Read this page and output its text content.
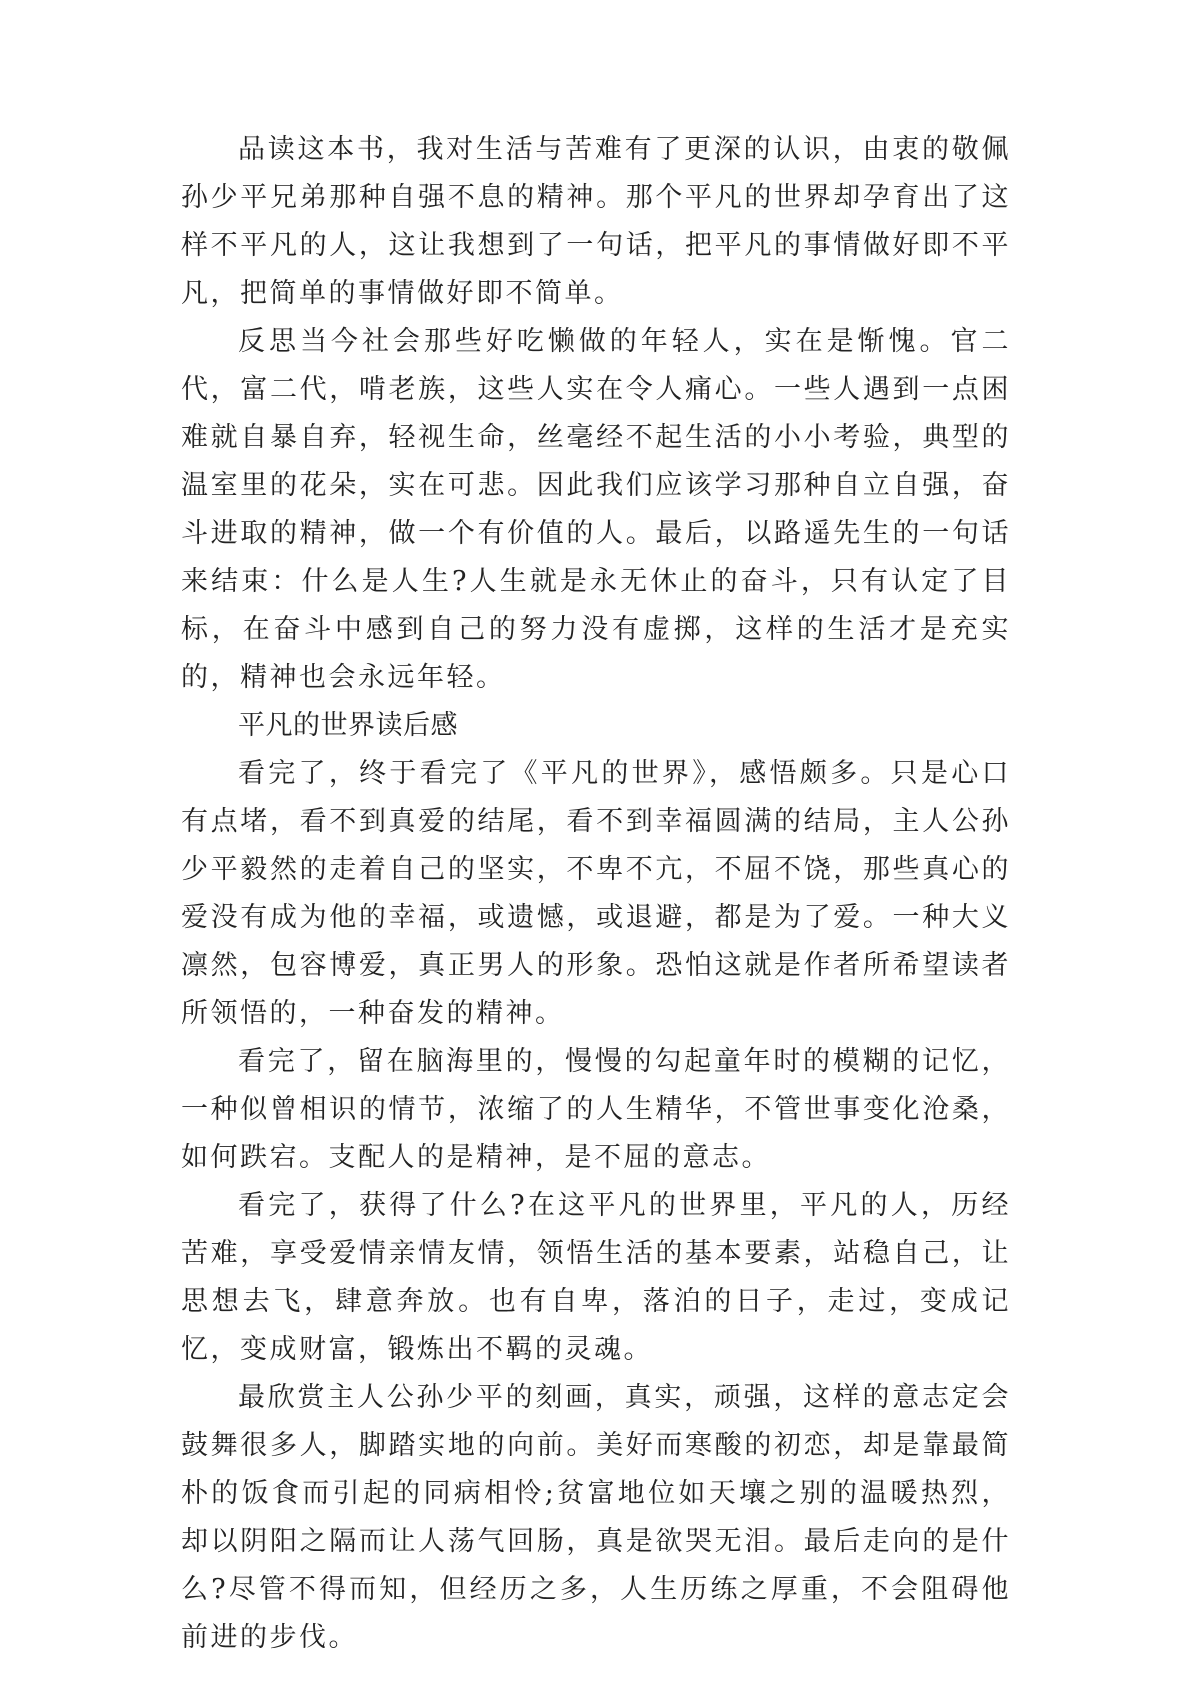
品读这本书，我对生活与苦难有了更深的认识，由衷的敬佩孙少平兄弟那种自强不息的精神。那个平凡的世界却孕育出了这样不平凡的人，这让我想到了一句话，把平凡的事情做好即不平凡，把简单的事情做好即不简单。

反思当今社会那些好吃懒做的年轻人，实在是惭愧。官二代，富二代，啃老族，这些人实在令人痛心。一些人遇到一点困难就自暴自弃，轻视生命，丝毫经不起生活的小小考验，典型的温室里的花朵，实在可悲。因此我们应该学习那种自立自强，奋斗进取的精神，做一个有价值的人。最后，以路遥先生的一句话来结束：什么是人生?人生就是永无休止的奋斗，只有认定了目标，在奋斗中感到自己的努力没有虚掷，这样的生活才是充实的，精神也会永远年轻。

平凡的世界读后感

看完了，终于看完了《平凡的世界》，感悟颇多。只是心口有点堵，看不到真爱的结尾，看不到幸福圆满的结局，主人公孙少平毅然的走着自己的坚实，不卑不亢，不屈不饶，那些真心的爱没有成为他的幸福，或遗憾，或退避，都是为了爱。一种大义凛然，包容博爱，真正男人的形象。恐怕这就是作者所希望读者所领悟的，一种奋发的精神。

看完了，留在脑海里的，慢慢的勾起童年时的模糊的记忆，一种似曾相识的情节，浓缩了的人生精华，不管世事变化沧桑，如何跌宕。支配人的是精神，是不屈的意志。

看完了，获得了什么?在这平凡的世界里，平凡的人，历经苦难，享受爱情亲情友情，领悟生活的基本要素，站稳自己，让思想去飞，肆意奔放。也有自卑，落泊的日子，走过，变成记忆，变成财富，锻炼出不羁的灵魂。

最欣赏主人公孙少平的刻画，真实，顽强，这样的意志定会鼓舞很多人，脚踏实地的向前。美好而寒酸的初恋，却是靠最简朴的饭食而引起的同病相怜;贫富地位如天壤之别的温暖热烈，却以阴阳之隔而让人荡气回肠，真是欲哭无泪。最后走向的是什么?尽管不得而知，但经历之多，人生历练之厚重，不会阻碍他前进的步伐。
